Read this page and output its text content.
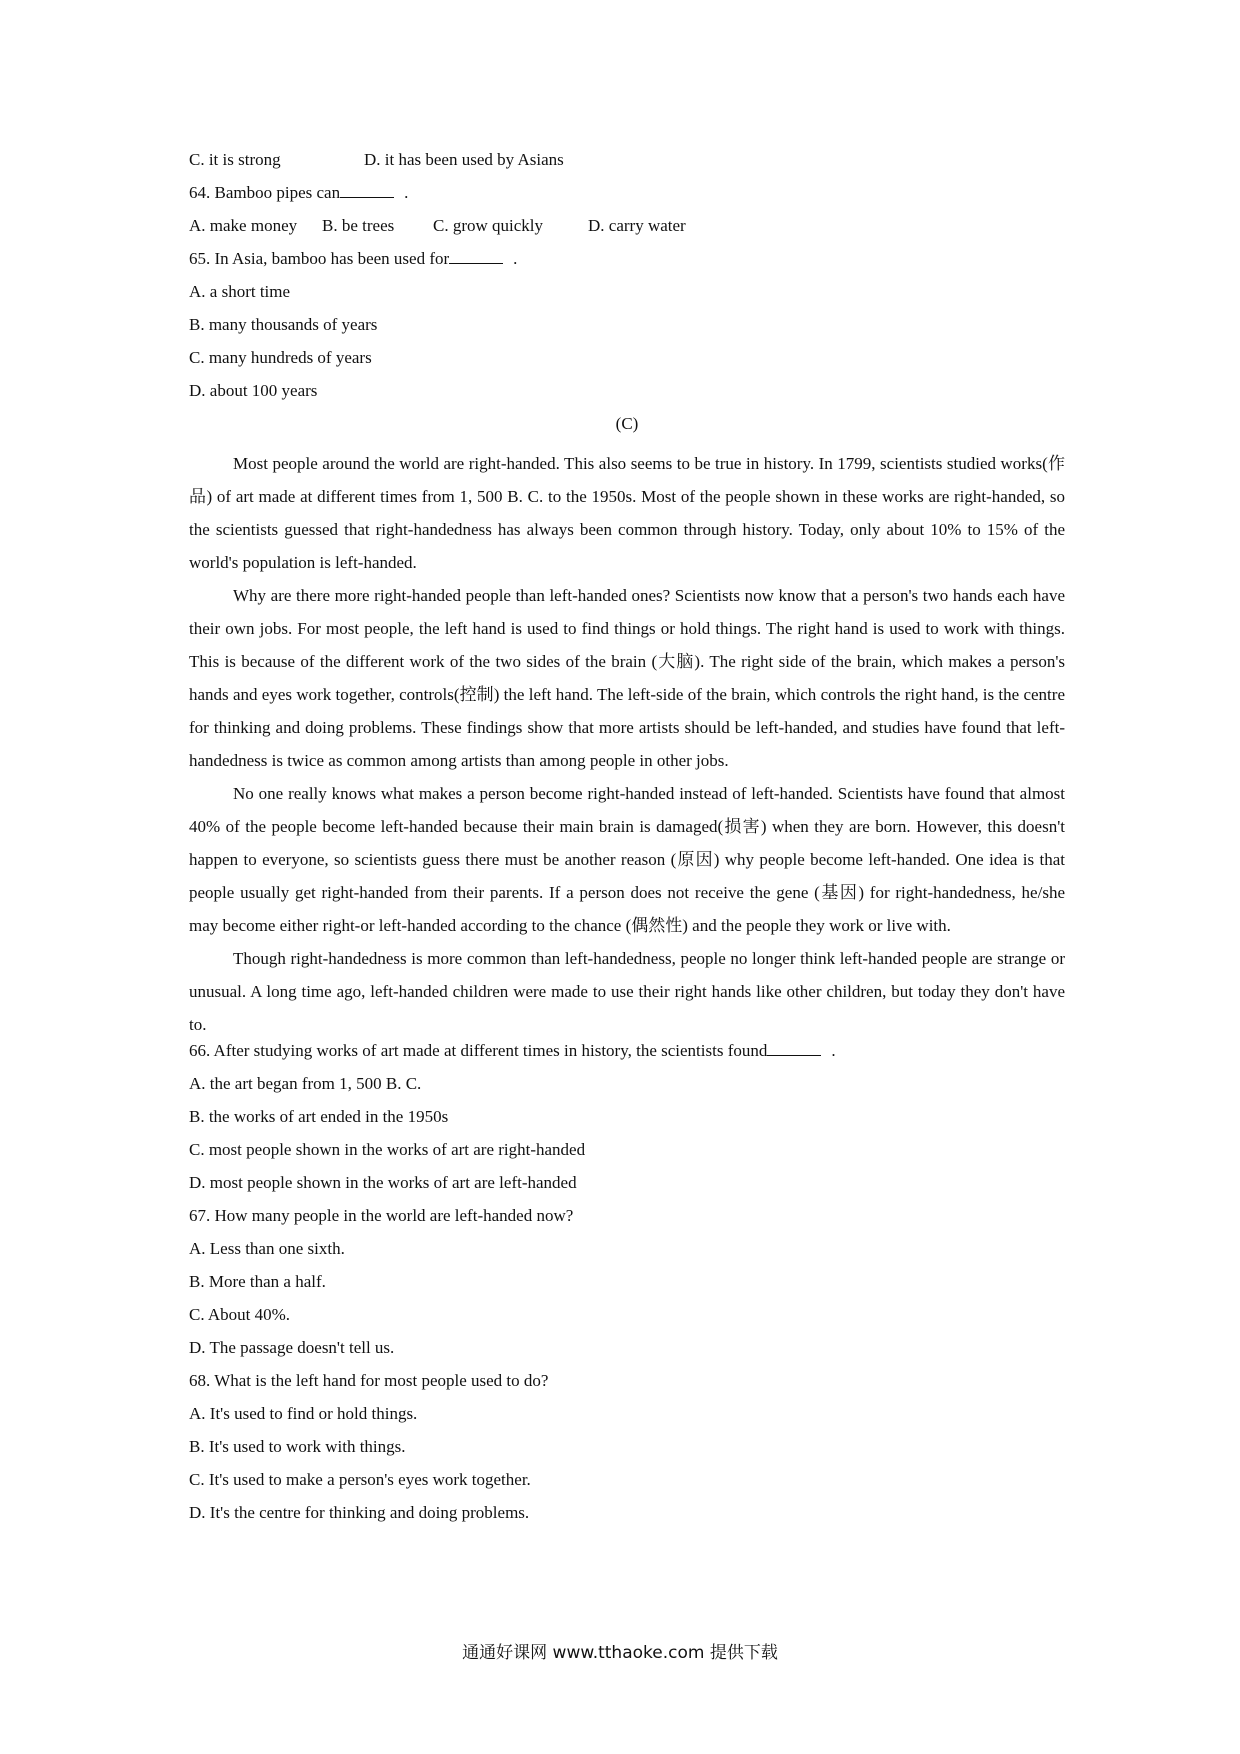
C. it is strong	D. it has been used by Asians
64. Bamboo pipes can	.
A. make money B. be trees C. grow quickly	D. carry water
65. In Asia, bamboo has been used for	.
A. a short time
B. many thousands of years
C. many hundreds of years
D. about 100 years
(C)

Most people around the world are right-handed. This also seems to be true in history. In 1799, scientists studied works(作品) of art made at different times from 1, 500 B. C. to the 1950s. Most of the people shown in these works are right-handed, so the scientists guessed that right-handedness has always been common through history. Today, only about 10% to 15% of the world's population is left-handed.

Why are there more right-handed people than left-handed ones? Scientists now know that a person's two hands each have their own jobs. For most people, the left hand is used to find things or hold things. The right hand is used to work with things. This is because of the different work of the two sides of the brain (大脑). The right side of the brain, which makes a person's hands and eyes work together, controls(控制) the left hand. The left-side of the brain, which controls the right hand, is the centre for thinking and doing problems. These findings show that more artists should be left-handed, and studies have found that left-handedness is twice as common among artists than among people in other jobs.

No one really knows what makes a person become right-handed instead of left-handed. Scientists have found that almost 40% of the people become left-handed because their main brain is damaged(损害) when they are born. However, this doesn't happen to everyone, so scientists guess there must be another reason (原因) why people become left-handed. One idea is that people usually get right-handed from their parents. If a person does not receive the gene (基因) for right-handedness, he/she may become either right-or left-handed according to the chance (偶然性) and the people they work or live with.

Though right-handedness is more common than left-handedness, people no longer think left-handed people are strange or unusual. A long time ago, left-handed children were made to use their right hands like other children, but today they don't have to.

66. After studying works of art made at different times in history, the scientists found	.
A. the art began from 1, 500 B. C.
B. the works of art ended in the 1950s
C. most people shown in the works of art are right-handed
D. most people shown in the works of art are left-handed
67. How many people in the world are left-handed now?
A. Less than one sixth.
B. More than a half.
C. About 40%.
D. The passage doesn't tell us.
68. What is the left hand for most people used to do?
A. It's used to find or hold things.
B. It's used to work with things.
C. It's used to make a person's eyes work together.
D. It's the centre for thinking and doing problems.
通通好课网 www.tthaoke.com 提供下载
